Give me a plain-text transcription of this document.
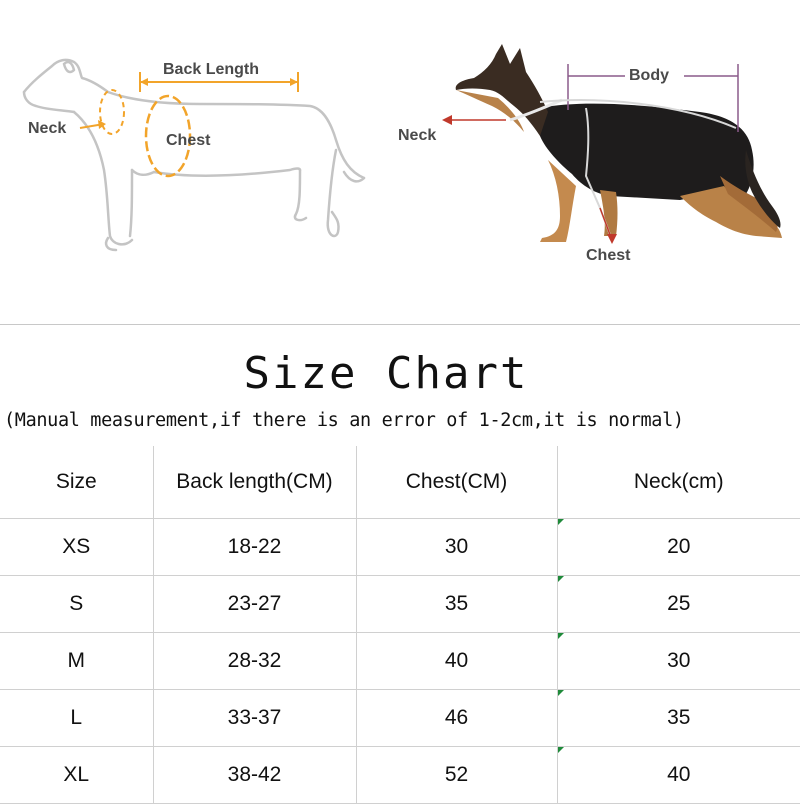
Back Length
Neck
Chest
Body
Neck
Chest
Size Chart
(Manual measurement,if there is an error of 1-2cm,it is normal)
Size	Back length(CM)	Chest(CM)	Neck(cm)
XS	18-22	30	20
S	23-27	35	25
M	28-32	40	30
L	33-37	46	35
XL	38-42	52	40
